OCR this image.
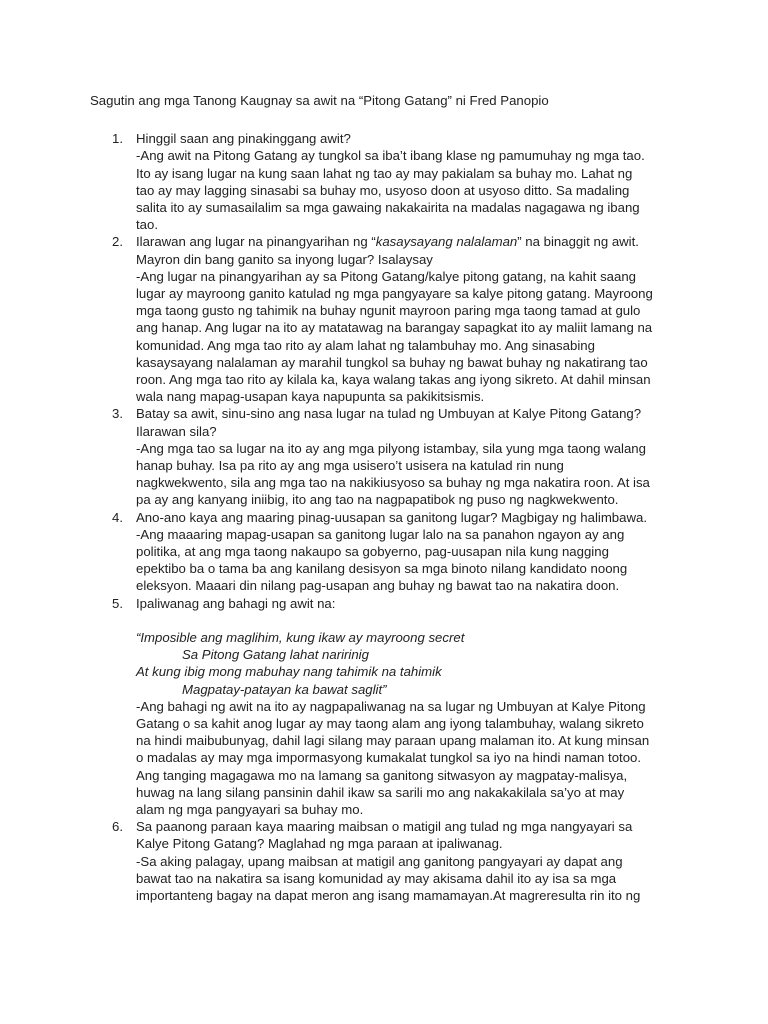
Sagutin ang mga Tanong Kaugnay sa awit na “Pitong Gatang” ni Fred Panopio
1. Hinggil saan ang pinakinggang awit?
-Ang awit na Pitong Gatang ay tungkol sa iba’t ibang klase ng pamumuhay ng mga tao.
Ito ay isang lugar na kung saan lahat ng tao ay may pakialam sa buhay mo. Lahat ng
tao ay may lagging sinasabi sa buhay mo, usyoso doon at usyoso ditto. Sa madaling
salita ito ay sumasailalim sa mga gawaing nakakairita na madalas nagagawa ng ibang
tao.
2. Ilarawan ang lugar na pinangyarihan ng “kasaysayang nalalaman” na binaggit ng awit.
Mayron din bang ganito sa inyong lugar? Isalaysay
-Ang lugar na pinangyarihan ay sa Pitong Gatang/kalye pitong gatang, na kahit saang
lugar ay mayroong ganito katulad ng mga pangyayare sa kalye pitong gatang. Mayroong
mga taong gusto ng tahimik na buhay ngunit mayroon paring mga taong tamad at gulo
ang hanap. Ang lugar na ito ay matatawag na barangay sapagkat ito ay maliit lamang na
komunidad. Ang mga tao rito ay alam lahat ng talambuhay mo. Ang sinasabing
kasaysayang nalalaman ay marahil tungkol sa buhay ng bawat buhay ng nakatirang tao
roon. Ang mga tao rito ay kilala ka, kaya walang takas ang iyong sikreto. At dahil minsan
wala nang mapag-usapan kaya napupunta sa pakikitsismis.
3. Batay sa awit, sinu-sino ang nasa lugar na tulad ng Umbuyan at Kalye Pitong Gatang?
Ilarawan sila?
-Ang mga tao sa lugar na ito ay ang mga pilyong istambay, sila yung mga taong walang
hanap buhay. Isa pa rito ay ang mga usisero’t usisera na katulad rin nung
nagkwekwento, sila ang mga tao na nakikiusyoso sa buhay ng mga nakatira roon. At isa
pa ay ang kanyang iniibig, ito ang tao na nagpapatibok ng puso ng nagkwekwento.
4. Ano-ano kaya ang maaring pinag-uusapan sa ganitong lugar? Magbigay ng halimbawa.
-Ang maaaring mapag-usapan sa ganitong lugar lalo na sa panahon ngayon ay ang
politika, at ang mga taong nakaupo sa gobyerno, pag-uusapan nila kung nagging
epektibo ba o tama ba ang kanilang desisyon sa mga binoto nilang kandidato noong
eleksyon. Maaari din nilang pag-usapan ang buhay ng bawat tao na nakatira doon.
5. Ipaliwanag ang bahagi ng awit na:
“Imposible ang maglihim, kung ikaw ay mayroong secret
Sa Pitong Gatang lahat naririnig
At kung ibig mong mabuhay nang tahimik na tahimik
Magpatay-patayan ka bawat saglit”
-Ang bahagi ng awit na ito ay nagpapaliwanag na sa lugar ng Umbuyan at Kalye Pitong
Gatang o sa kahit anog lugar ay may taong alam ang iyong talambuhay, walang sikreto
na hindi maibubunyag, dahil lagi silang may paraan upang malaman ito. At kung minsan
o madalas ay may mga impormasyong kumakalat tungkol sa iyo na hindi naman totoo.
Ang tanging magagawa mo na lamang sa ganitong sitwasyon ay magpatay-malisya,
huwag na lang silang pansinin dahil ikaw sa sarili mo ang nakakakilala sa’yo at may
alam ng mga pangyayari sa buhay mo.
6. Sa paanong paraan kaya maaring maibsan o matigil ang tulad ng mga nangyayari sa
Kalye Pitong Gatang? Maglahad ng mga paraan at ipaliwanag.
-Sa aking palagay, upang maibsan at matigil ang ganitong pangyayari ay dapat ang
bawat tao na nakatira sa isang komunidad ay may akisama dahil ito ay isa sa mga
importanteng bagay na dapat meron ang isang mamamayan.At magreresulta rin ito ng
